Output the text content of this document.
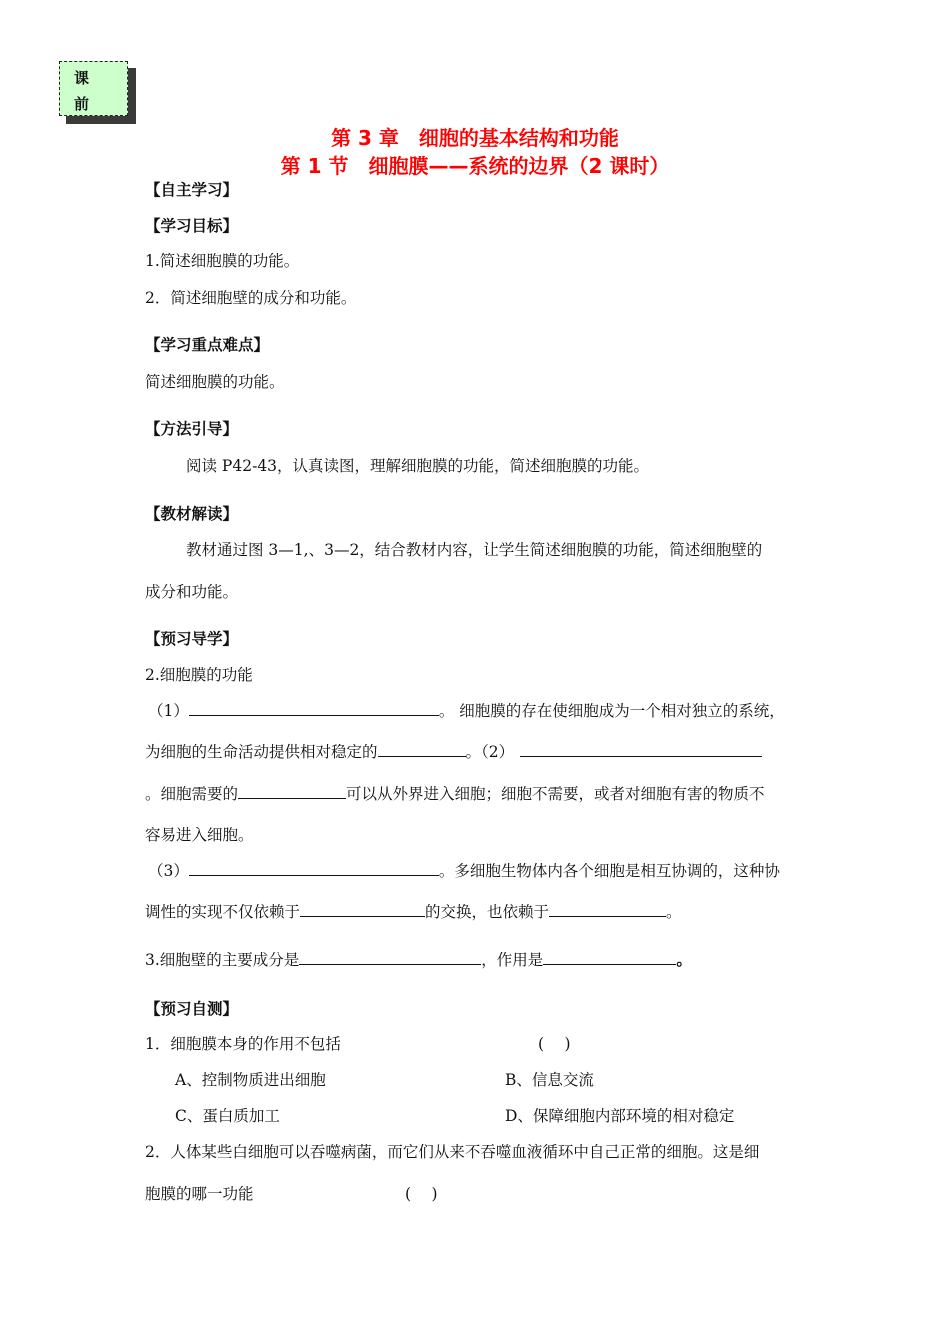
课
前
第 3 章　细胞的基本结构和功能
第 1 节　细胞膜——系统的边界（2 课时）
【自主学习】
【学习目标】
1.简述细胞膜的功能。
2．简述细胞壁的成分和功能。
【学习重点难点】
简述细胞膜的功能。
【方法引导】
阅读 P42-43，认真读图，理解细胞膜的功能，简述细胞膜的功能。
【教材解读】
教材通过图 3—1,、3—2，结合教材内容，让学生简述细胞膜的功能，简述细胞壁的
成分和功能。
【预习导学】
2.细胞膜的功能
（1）	。 细胞膜的存在使细胞成为一个相对独立的系统，
为细胞的生命活动提供相对稳定的	。（2）
。细胞需要的	可以从外界进入细胞；细胞不需要，或者对细胞有害的物质不
容易进入细胞。
（3）	。多细胞生物体内各个细胞是相互协调的，这种协
调性的实现不仅依赖于	的交换，也依赖于	。
3.细胞壁的主要成分是	，作用是	。
【预习自测】
1．细胞膜本身的作用不包括	(　 )
A、控制物质进出细胞	B、信息交流
C、蛋白质加工	D、保障细胞内部环境的相对稳定
2．人体某些白细胞可以吞噬病菌，而它们从来不吞噬血液循环中自己正常的细胞。这是细
胞膜的哪一功能	(　 )
